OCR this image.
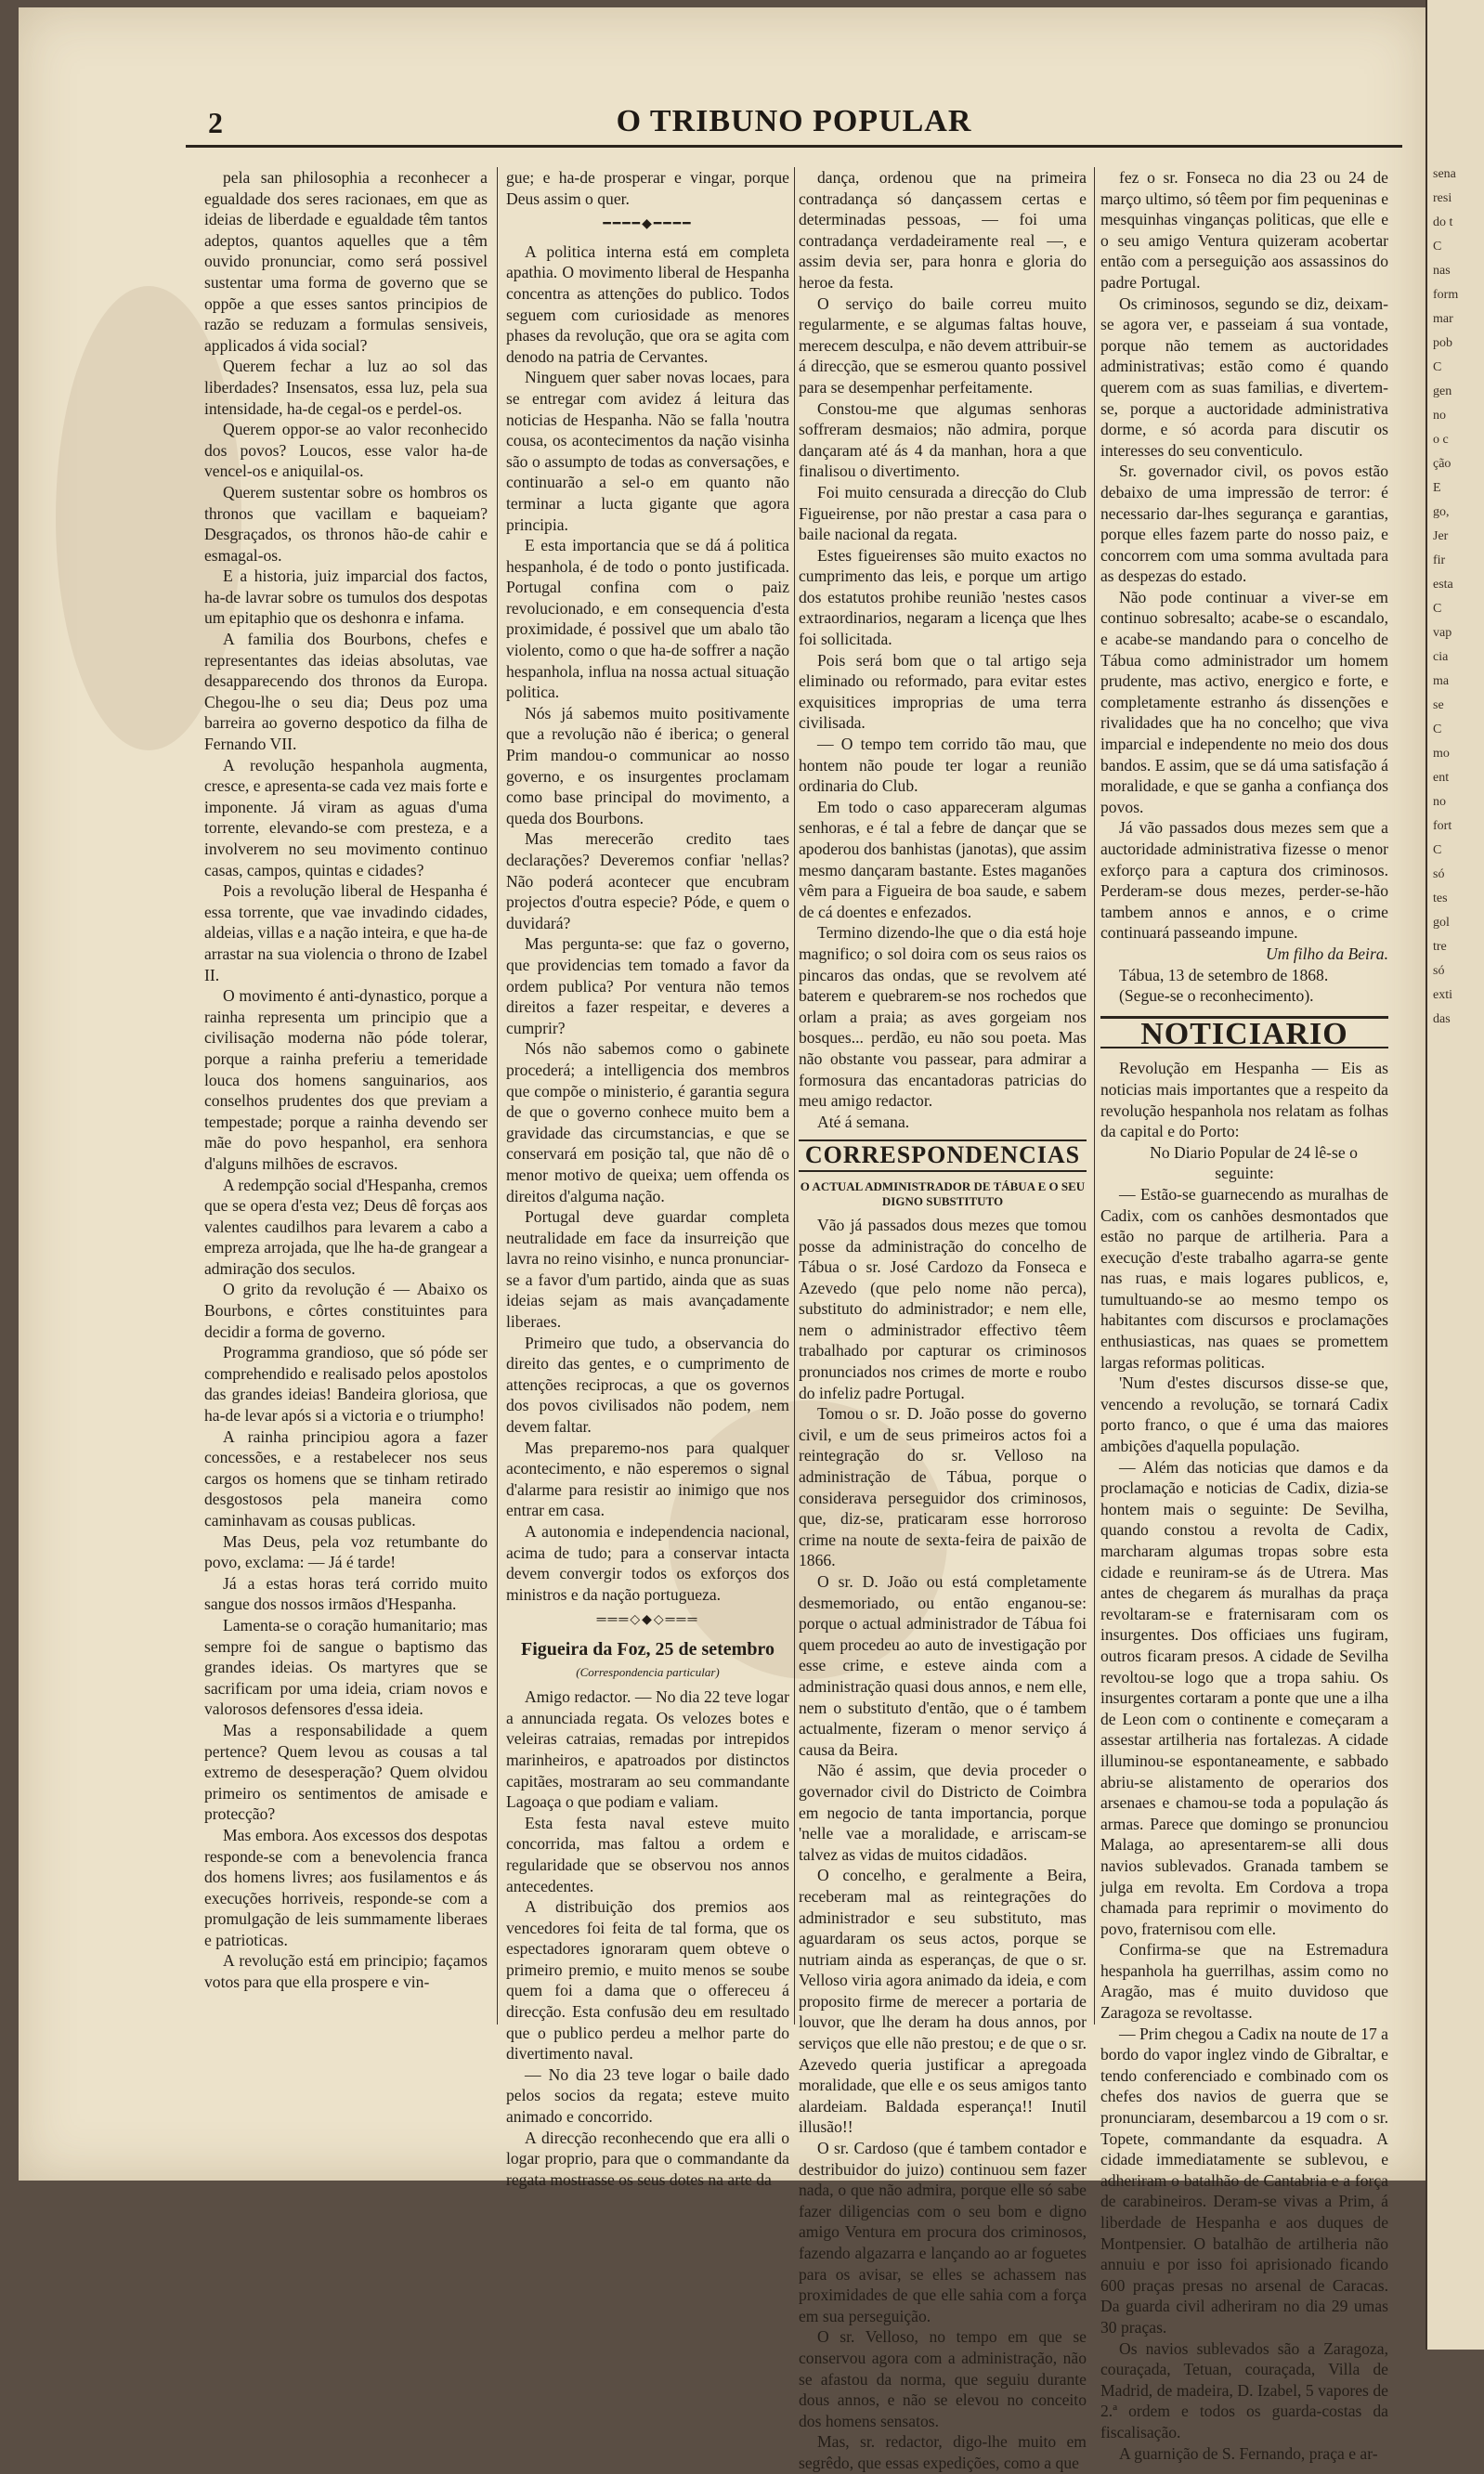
sena
resi
do t
C
nas
form
mar
pob
C
gen
no
o c
ção
E
go,
Jer
fir
esta
C
vap
cia
ma
se
C
mo
ent
no
fort
C
só
tes
gol
tre
só
exti
das
2	O TRIBUNO POPULAR

pela san philosophia a reconhecer a egualdade dos seres racionaes, em que as ideias de liberdade e egualdade têm tantos adeptos, quantos aquelles que a têm ouvido pronunciar, como será possivel sustentar uma forma de governo que se oppõe a que esses santos principios de razão se reduzam a formulas sensiveis, applicados á vida social?

Querem fechar a luz ao sol das liberdades? Insensatos, essa luz, pela sua intensidade, ha-de cegal-os e perdel-os.

Querem oppor-se ao valor reconhecido dos povos? Loucos, esse valor ha-de vencel-os e aniquilal-os.

Querem sustentar sobre os hombros os thronos que vacillam e baqueiam? Desgraçados, os thronos hão-de cahir e esmagal-os.

E a historia, juiz imparcial dos factos, ha-de lavrar sobre os tumulos dos despotas um epitaphio que os deshonra e infama.

A familia dos Bourbons, chefes e representantes das ideias absolutas, vae desapparecendo dos thronos da Europa. Chegou-lhe o seu dia; Deus poz uma barreira ao governo despotico da filha de Fernando VII.

A revolução hespanhola augmenta, cresce, e apresenta-se cada vez mais forte e imponente. Já viram as aguas d'uma torrente, elevando-se com presteza, e a involverem no seu movimento continuo casas, campos, quintas e cidades?

Pois a revolução liberal de Hespanha é essa torrente, que vae invadindo cidades, aldeias, villas e a nação inteira, e que ha-de arrastar na sua violencia o throno de Izabel II.

O movimento é anti-dynastico, porque a rainha representa um principio que a civilisação moderna não póde tolerar, porque a rainha preferiu a temeridade louca dos homens sanguinarios, aos conselhos prudentes dos que previam a tempestade; porque a rainha devendo ser mãe do povo hespanhol, era senhora d'alguns milhões de escravos.

A redempção social d'Hespanha, cremos que se opera d'esta vez; Deus dê forças aos valentes caudilhos para levarem a cabo a empreza arrojada, que lhe ha-de grangear a admiração dos seculos.

O grito da revolução é — Abaixo os Bourbons, e côrtes constituintes para decidir a forma de governo.

Programma grandioso, que só póde ser comprehendido e realisado pelos apostolos das grandes ideias! Bandeira gloriosa, que ha-de levar após si a victoria e o triumpho!

A rainha principiou agora a fazer concessões, e a restabelecer nos seus cargos os homens que se tinham retirado desgostosos pela maneira como caminhavam as cousas publicas.

Mas Deus, pela voz retumbante do povo, exclama: — Já é tarde!

Já a estas horas terá corrido muito sangue dos nossos irmãos d'Hespanha.

Lamenta-se o coração humanitario; mas sempre foi de sangue o baptismo das grandes ideias. Os martyres que se sacrificam por uma ideia, criam novos e valorosos defensores d'essa ideia.

Mas a responsabilidade a quem pertence? Quem levou as cousas a tal extremo de desesperação? Quem olvidou primeiro os sentimentos de amisade e protecção?

Mas embora. Aos excessos dos despotas responde-se com a benevolencia franca dos homens livres; aos fusilamentos e ás execuções horriveis, responde-se com a promulgação de leis summamente liberaes e patrioticas.

A revolução está em principio; façamos votos para que ella prospere e vin-

gue; e ha-de prosperar e vingar, porque Deus assim o quer.

━━━━◆━━━━

A politica interna está em completa apathia. O movimento liberal de Hespanha concentra as attenções do publico. Todos seguem com curiosidade as menores phases da revolução, que ora se agita com denodo na patria de Cervantes.

Ninguem quer saber novas locaes, para se entregar com avidez á leitura das noticias de Hespanha. Não se falla 'noutra cousa, os acontecimentos da nação visinha são o assumpto de todas as conversações, e continuarão a sel-o em quanto não terminar a lucta gigante que agora principia.

E esta importancia que se dá á politica hespanhola, é de todo o ponto justificada. Portugal confina com o paiz revolucionado, e em consequencia d'esta proximidade, é possivel que um abalo tão violento, como o que ha-de soffrer a nação hespanhola, influa na nossa actual situação politica.

Nós já sabemos muito positivamente que a revolução não é iberica; o general Prim mandou-o communicar ao nosso governo, e os insurgentes proclamam como base principal do movimento, a queda dos Bourbons.

Mas merecerão credito taes declarações? Deveremos confiar 'nellas? Não poderá acontecer que encubram projectos d'outra especie? Póde, e quem o duvidará?

Mas pergunta-se: que faz o governo, que providencias tem tomado a favor da ordem publica? Por ventura não temos direitos a fazer respeitar, e deveres a cumprir?

Nós não sabemos como o gabinete procederá; a intelligencia dos membros que compõe o ministerio, é garantia segura de que o governo conhece muito bem a gravidade das circumstancias, e que se conservará em posição tal, que não dê o menor motivo de queixa; uem offenda os direitos d'alguma nação.

Portugal deve guardar completa neutralidade em face da insurreição que lavra no reino visinho, e nunca pronunciar-se a favor d'um partido, ainda que as suas ideias sejam as mais avançadamente liberaes.

Primeiro que tudo, a observancia do direito das gentes, e o cumprimento de attenções reciprocas, a que os governos dos povos civilisados não podem, nem devem faltar.

Mas preparemo-nos para qualquer acontecimento, e não esperemos o signal d'alarme para resistir ao inimigo que nos entrar em casa.

A autonomia e independencia nacional, acima de tudo; para a conservar intacta devem convergir todos os exforços dos ministros e da nação portugueza.

═══◇◆◇═══
Figueira da Foz, 25 de setembro
(Correspondencia particular)

Amigo redactor. — No dia 22 teve logar a annunciada regata. Os velozes botes e veleiras catraias, remadas por intrepidos marinheiros, e apatroados por distinctos capitães, mostraram ao seu commandante Lagoaça o que podiam e valiam.

Esta festa naval esteve muito concorrida, mas faltou a ordem e regularidade que se observou nos annos antecedentes.

A distribuição dos premios aos vencedores foi feita de tal forma, que os espectadores ignoraram quem obteve o primeiro premio, e muito menos se soube quem foi a dama que o offereceu á direcção. Esta confusão deu em resultado que o publico perdeu a melhor parte do divertimento naval.

— No dia 23 teve logar o baile dado pelos socios da regata; esteve muito animado e concorrido.

A direcção reconhecendo que era alli o logar proprio, para que o commandante da regata mostrasse os seus dotes na arte da

dança, ordenou que na primeira contradança só dançassem certas e determinadas pessoas, — foi uma contradança verdadeiramente real —, e assim devia ser, para honra e gloria do heroe da festa.

O serviço do baile correu muito regularmente, e se algumas faltas houve, merecem desculpa, e não devem attribuir-se á direcção, que se esmerou quanto possivel para se desempenhar perfeitamente.

Constou-me que algumas senhoras soffreram desmaios; não admira, porque dançaram até ás 4 da manhan, hora a que finalisou o divertimento.

Foi muito censurada a direcção do Club Figueirense, por não prestar a casa para o baile nacional da regata.

Estes figueirenses são muito exactos no cumprimento das leis, e porque um artigo dos estatutos prohibe reunião 'nestes casos extraordinarios, negaram a licença que lhes foi sollicitada.

Pois será bom que o tal artigo seja eliminado ou reformado, para evitar estes exquisitices improprias de uma terra civilisada.

— O tempo tem corrido tão mau, que hontem não poude ter logar a reunião ordinaria do Club.

Em todo o caso appareceram algumas senhoras, e é tal a febre de dançar que se apoderou dos banhistas (janotas), que assim mesmo dançaram bastante. Estes maganões vêm para a Figueira de boa saude, e sabem de cá doentes e enfezados.

Termino dizendo-lhe que o dia está hoje magnifico; o sol doira com os seus raios os pincaros das ondas, que se revolvem até baterem e quebrarem-se nos rochedos que orlam a praia; as aves gorgeiam nos bosques... perdão, eu não sou poeta. Mas não obstante vou passear, para admirar a formosura das encantadoras patricias do meu amigo redactor.

Até á semana.

CORRESPONDENCIAS
O ACTUAL ADMINISTRADOR DE TÁBUA E O SEU DIGNO SUBSTITUTO

Vão já passados dous mezes que tomou posse da administração do concelho de Tábua o sr. José Cardozo da Fonseca e Azevedo (que pelo nome não perca), substituto do administrador; e nem elle, nem o administrador effectivo têem trabalhado por capturar os criminosos pronunciados nos crimes de morte e roubo do infeliz padre Portugal.

Tomou o sr. D. João posse do governo civil, e um de seus primeiros actos foi a reintegração do sr. Velloso na administração de Tábua, porque o considerava perseguidor dos criminosos, que, diz-se, praticaram esse horroroso crime na noute de sexta-feira de paixão de 1866.

O sr. D. João ou está completamente desmemoriado, ou então enganou-se: porque o actual administrador de Tábua foi quem procedeu ao auto de investigação por esse crime, e esteve ainda com a administração quasi dous annos, e nem elle, nem o substituto d'então, que o é tambem actualmente, fizeram o menor serviço á causa da Beira.

Não é assim, que devia proceder o governador civil do Districto de Coimbra em negocio de tanta importancia, porque 'nelle vae a moralidade, e arriscam-se talvez as vidas de muitos cidadãos.

O concelho, e geralmente a Beira, receberam mal as reintegrações do administrador e seu substituto, mas aguardaram os seus actos, porque se nutriam ainda as esperanças, de que o sr. Velloso viria agora animado da ideia, e com proposito firme de merecer a portaria de louvor, que lhe deram ha dous annos, por serviços que elle não prestou; e de que o sr. Azevedo queria justificar a apregoada moralidade, que elle e os seus amigos tanto alardeiam. Baldada esperança!! Inutil illusão!!

O sr. Cardoso (que é tambem contador e destribuidor do juizo) continuou sem fazer nada, o que não admira, porque elle só sabe fazer diligencias com o seu bom e digno amigo Ventura em procura dos criminosos, fazendo algazarra e lançando ao ar foguetes para os avisar, se elles se achassem nas proximidades de que elle sahia com a força em sua perseguição.

O sr. Velloso, no tempo em que se conservou agora com a administração, não se afastou da norma, que seguiu durante dous annos, e não se elevou no conceito dos homens sensatos.

Mas, sr. redactor, digo-lhe muito em segrêdo, que essas expedições, como a que

fez o sr. Fonseca no dia 23 ou 24 de março ultimo, só têem por fim pequeninas e mesquinhas vinganças politicas, que elle e o seu amigo Ventura quizeram acobertar então com a perseguição aos assassinos do padre Portugal.

Os criminosos, segundo se diz, deixam-se agora ver, e passeiam á sua vontade, porque não temem as auctoridades administrativas; estão como é quando querem com as suas familias, e divertem-se, porque a auctoridade administrativa dorme, e só acorda para discutir os interesses do seu conventiculo.

Sr. governador civil, os povos estão debaixo de uma impressão de terror: é necessario dar-lhes segurança e garantias, porque elles fazem parte do nosso paiz, e concorrem com uma somma avultada para as despezas do estado.

Não pode continuar a viver-se em continuo sobresalto; acabe-se o escandalo, e acabe-se mandando para o concelho de Tábua como administrador um homem prudente, mas activo, energico e forte, e completamente estranho ás dissenções e rivalidades que ha no concelho; que viva imparcial e independente no meio dos dous bandos. E assim, que se dá uma satisfação á moralidade, e que se ganha a confiança dos povos.

Já vão passados dous mezes sem que a auctoridade administrativa fizesse o menor exforço para a captura dos criminosos. Perderam-se dous mezes, perder-se-hão tambem annos e annos, e o crime continuará passeando impune.

Um filho da Beira.

Tábua, 13 de setembro de 1868.

(Segue-se o reconhecimento).

NOTICIARIO

Revolução em Hespanha — Eis as noticias mais importantes que a respeito da revolução hespanhola nos relatam as folhas da capital e do Porto:

No Diario Popular de 24 lê-se o seguinte:

— Estão-se guarnecendo as muralhas de Cadix, com os canhões desmontados que estão no parque de artilheria. Para a execução d'este trabalho agarra-se gente nas ruas, e mais logares publicos, e, tumultuando-se ao mesmo tempo os habitantes com discursos e proclamações enthusiasticas, nas quaes se promettem largas reformas politicas.

'Num d'estes discursos disse-se que, vencendo a revolução, se tornará Cadix porto franco, o que é uma das maiores ambições d'aquella população.

— Além das noticias que damos e da proclamação e noticias de Cadix, dizia-se hontem mais o seguinte: De Sevilha, quando constou a revolta de Cadix, marcharam algumas tropas sobre esta cidade e reuniram-se ás de Utrera. Mas antes de chegarem ás muralhas da praça revoltaram-se e fraternisaram com os insurgentes. Dos officiaes uns fugiram, outros ficaram presos. A cidade de Sevilha revoltou-se logo que a tropa sahiu. Os insurgentes cortaram a ponte que une a ilha de Leon com o continente e começaram a assestar artilheria nas fortalezas. A cidade illuminou-se espontaneamente, e sabbado abriu-se alistamento de operarios dos arsenaes e chamou-se toda a população ás armas. Parece que domingo se pronunciou Malaga, ao apresentarem-se alli dous navios sublevados. Granada tambem se julga em revolta. Em Cordova a tropa chamada para reprimir o movimento do povo, fraternisou com elle.

Confirma-se que na Estremadura hespanhola ha guerrilhas, assim como no Aragão, mas é muito duvidoso que Zaragoza se revoltasse.

— Prim chegou a Cadix na noute de 17 a bordo do vapor inglez vindo de Gibraltar, e tendo conferenciado e combinado com os chefes dos navios de guerra que se pronunciaram, desembarcou a 19 com o sr. Topete, commandante da esquadra. A cidade immediatamente se sublevou, e adheriram o batalhão de Cantabria e a força de carabineiros. Deram-se vivas a Prim, á liberdade de Hespanha e aos duques de Montpensier. O batalhão de artilheria não annuiu e por isso foi aprisionado ficando 600 praças presas no arsenal de Caracas. Da guarda civil adheriram no dia 29 umas 30 praças.

Os navios sublevados são a Zaragoza, couraçada, Tetuan, couraçada, Villa de Madrid, de madeira, D. Izabel, 5 vapores de 2.ª ordem e todos os guarda-costas da fiscalisação.

A guarnição de S. Fernando, praça e ar-
